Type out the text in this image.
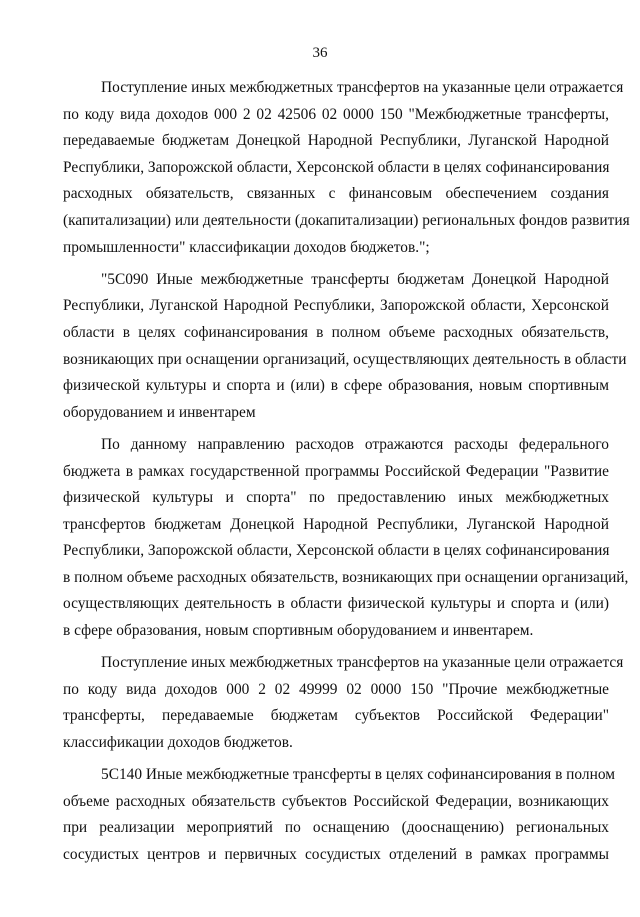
36

Поступление иных межбюджетных трансфертов на указанные цели отражается
по коду вида доходов 000 2 02 42506 02 0000 150 "Межбюджетные трансферты,
передаваемые бюджетам Донецкой Народной Республики, Луганской Народной
Республики, Запорожской области, Херсонской области в целях софинансирования
расходных обязательств, связанных с финансовым обеспечением создания
(капитализации) или деятельности (докапитализации) региональных фондов развития
промышленности" классификации доходов бюджетов.";

"5С090 Иные межбюджетные трансферты бюджетам Донецкой Народной
Республики, Луганской Народной Республики, Запорожской области, Херсонской
области в целях софинансирования в полном объеме расходных обязательств,
возникающих при оснащении организаций, осуществляющих деятельность в области
физической культуры и спорта и (или) в сфере образования, новым спортивным
оборудованием и инвентарем

По данному направлению расходов отражаются расходы федерального
бюджета в рамках государственной программы Российской Федерации "Развитие
физической культуры и спорта" по предоставлению иных межбюджетных
трансфертов бюджетам Донецкой Народной Республики, Луганской Народной
Республики, Запорожской области, Херсонской области в целях софинансирования
в полном объеме расходных обязательств, возникающих при оснащении организаций,
осуществляющих деятельность в области физической культуры и спорта и (или)
в сфере образования, новым спортивным оборудованием и инвентарем.

Поступление иных межбюджетных трансфертов на указанные цели отражается
по коду вида доходов 000 2 02 49999 02 0000 150 "Прочие межбюджетные
трансферты, передаваемые бюджетам субъектов Российской Федерации"
классификации доходов бюджетов.

5С140 Иные межбюджетные трансферты в целях софинансирования в полном
объеме расходных обязательств субъектов Российской Федерации, возникающих
при реализации мероприятий по оснащению (дооснащению) региональных
сосудистых центров и первичных сосудистых отделений в рамках программы
